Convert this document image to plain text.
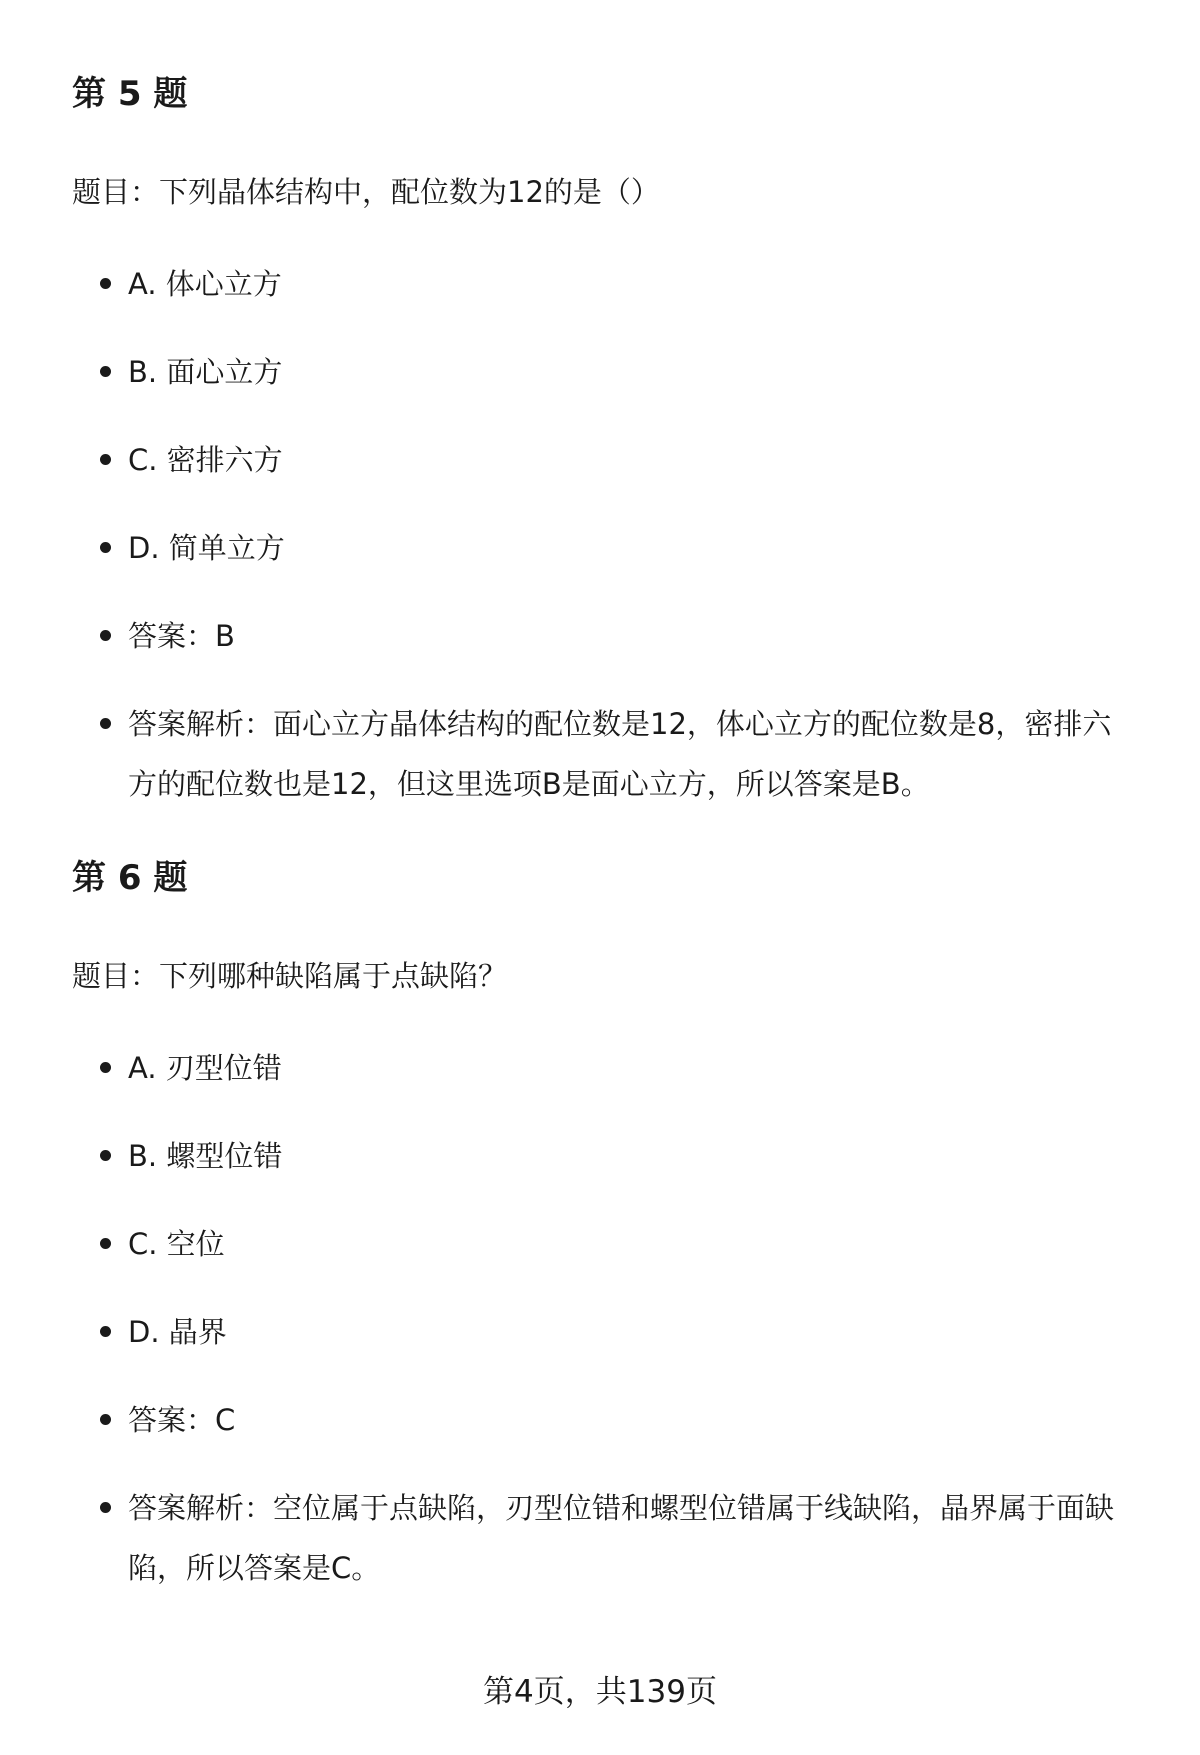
第 5 题
题目：下列晶体结构中，配位数为12的是（）
A. 体心立方
B. 面心立方
C. 密排六方
D. 简单立方
答案：B
答案解析：面心立方晶体结构的配位数是12，体心立方的配位数是8，密排六方的配位数也是12，但这里选项B是面心立方，所以答案是B。
第 6 题
题目：下列哪种缺陷属于点缺陷？
A. 刃型位错
B. 螺型位错
C. 空位
D. 晶界
答案：C
答案解析：空位属于点缺陷，刃型位错和螺型位错属于线缺陷，晶界属于面缺陷，所以答案是C。
第4页，共139页
